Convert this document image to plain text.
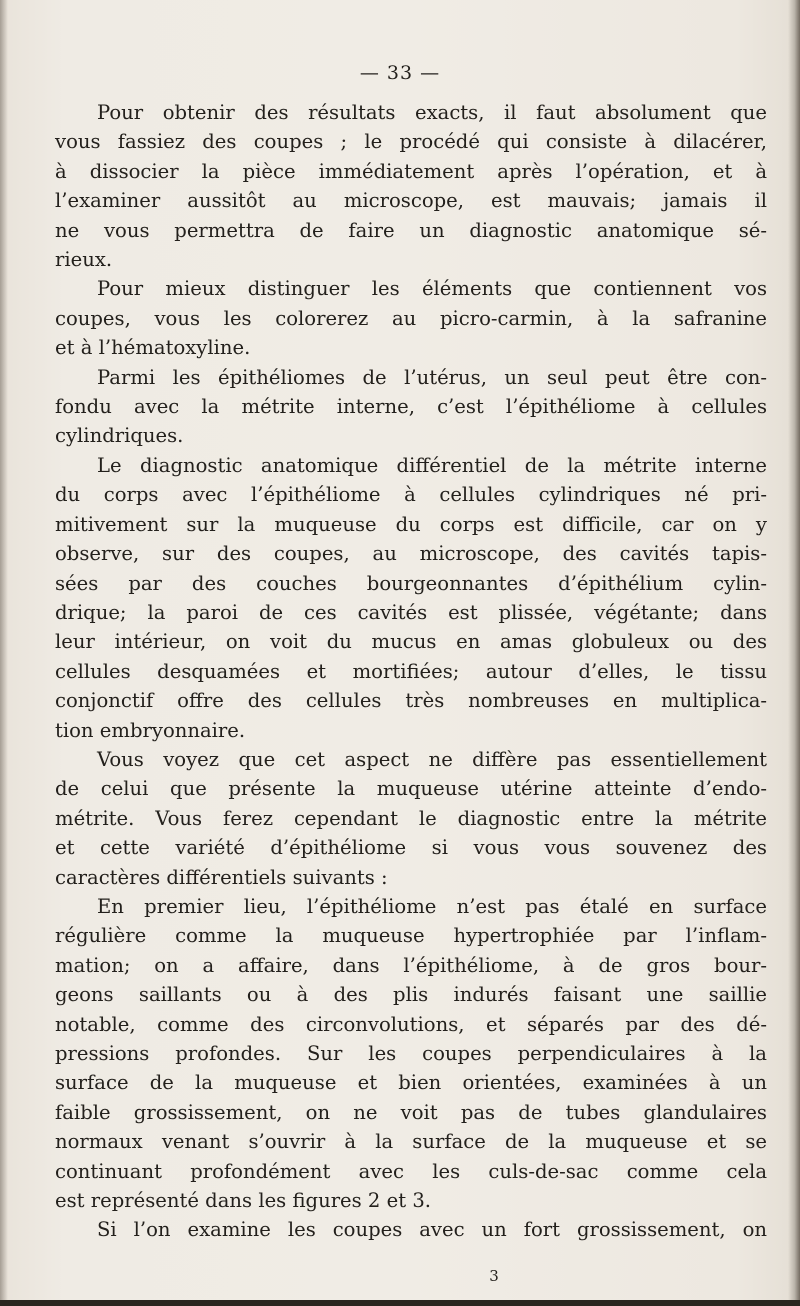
— 33 —
Pour obtenir des résultats exacts, il faut absolument que
vous fassiez des coupes ; le procédé qui consiste à dilacérer,
à dissocier la pièce immédiatement après l’opération, et à
l’examiner aussitôt au microscope, est mauvais; jamais il
ne vous permettra de faire un diagnostic anatomique sé-
rieux.
Pour mieux distinguer les éléments que contiennent vos
coupes, vous les colorerez au picro-carmin, à la safranine
et à l’hématoxyline.
Parmi les épithéliomes de l’utérus, un seul peut être con-
fondu avec la métrite interne, c’est l’épithéliome à cellules
cylindriques.
Le diagnostic anatomique différentiel de la métrite interne
du corps avec l’épithéliome à cellules cylindriques né pri-
mitivement sur la muqueuse du corps est difficile, car on y
observe, sur des coupes, au microscope, des cavités tapis-
sées par des couches bourgeonnantes d’épithélium cylin-
drique; la paroi de ces cavités est plissée, végétante; dans
leur intérieur, on voit du mucus en amas globuleux ou des
cellules desquamées et mortifiées; autour d’elles, le tissu
conjonctif offre des cellules très nombreuses en multiplica-
tion embryonnaire.
Vous voyez que cet aspect ne diffère pas essentiellement
de celui que présente la muqueuse utérine atteinte d’endo-
métrite. Vous ferez cependant le diagnostic entre la métrite
et cette variété d’épithéliome si vous vous souvenez des
caractères différentiels suivants :
En premier lieu, l’épithéliome n’est pas étalé en surface
régulière comme la muqueuse hypertrophiée par l’inflam-
mation; on a affaire, dans l’épithéliome, à de gros bour-
geons saillants ou à des plis indurés faisant une saillie
notable, comme des circonvolutions, et séparés par des dé-
pressions profondes. Sur les coupes perpendiculaires à la
surface de la muqueuse et bien orientées, examinées à un
faible grossissement, on ne voit pas de tubes glandulaires
normaux venant s’ouvrir à la surface de la muqueuse et se
continuant profondément avec les culs-de-sac comme cela
est représenté dans les figures 2 et 3.
Si l’on examine les coupes avec un fort grossissement, on
3
